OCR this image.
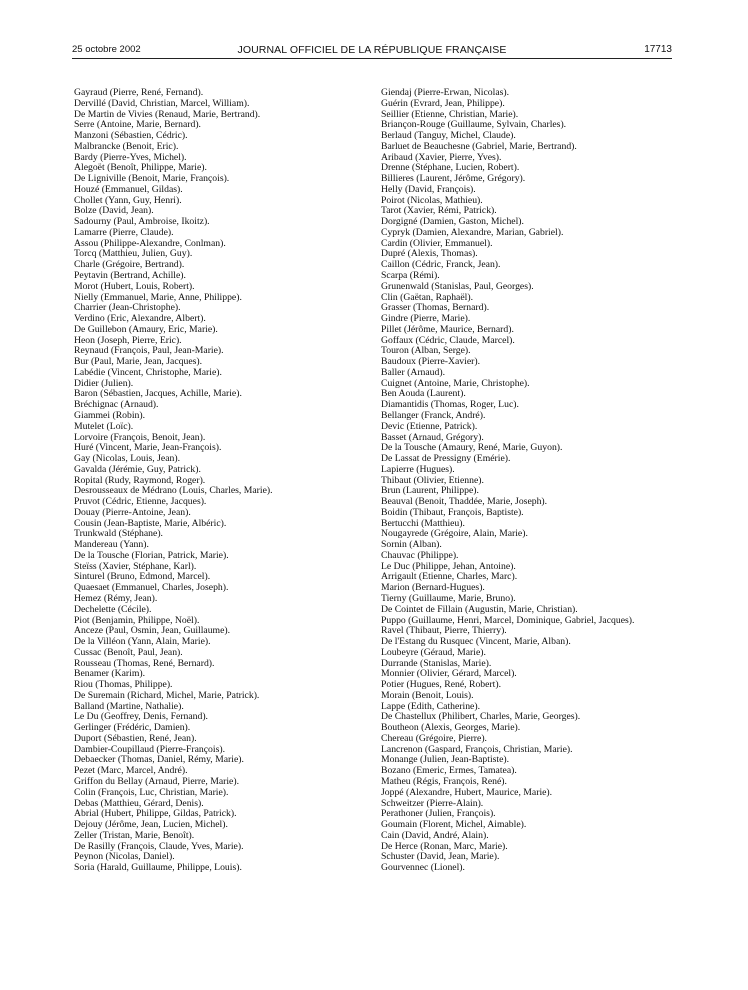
25 octobre 2002	JOURNAL OFFICIEL DE LA RÉPUBLIQUE FRANÇAISE	17713
Gayraud (Pierre, René, Fernand).
Dervillé (David, Christian, Marcel, William).
De Martin de Vivies (Renaud, Marie, Bertrand).
Serre (Antoine, Marie, Bernard).
Manzoni (Sébastien, Cédric).
Malbrancke (Benoit, Eric).
Bardy (Pierre-Yves, Michel).
Alegoët (Benoît, Philippe, Marie).
De Ligniville (Benoit, Marie, François).
Houzé (Emmanuel, Gildas).
Chollet (Yann, Guy, Henri).
Bolze (David, Jean).
Sadourny (Paul, Ambroise, Ikoitz).
Lamarre (Pierre, Claude).
Assou (Philippe-Alexandre, Conlman).
Torcq (Matthieu, Julien, Guy).
Charle (Grégoire, Bertrand).
Peytavin (Bertrand, Achille).
Morot (Hubert, Louis, Robert).
Nielly (Emmanuel, Marie, Anne, Philippe).
Charrier (Jean-Christophe).
Verdino (Eric, Alexandre, Albert).
De Guillebon (Amaury, Eric, Marie).
Heon (Joseph, Pierre, Eric).
Reynaud (François, Paul, Jean-Marie).
Bur (Paul, Marie, Jean, Jacques).
Labédie (Vincent, Christophe, Marie).
Didier (Julien).
Baron (Sébastien, Jacques, Achille, Marie).
Bréchignac (Arnaud).
Giammei (Robin).
Mutelet (Loïc).
Lorvoire (François, Benoit, Jean).
Huré (Vincent, Marie, Jean-François).
Gay (Nicolas, Louis, Jean).
Gavalda (Jérémie, Guy, Patrick).
Ropital (Rudy, Raymond, Roger).
Desrousseaux de Médrano (Louis, Charles, Marie).
Pruvot (Cédric, Etienne, Jacques).
Douay (Pierre-Antoine, Jean).
Cousin (Jean-Baptiste, Marie, Albéric).
Trunkwald (Stéphane).
Mandereau (Yann).
De la Tousche (Florian, Patrick, Marie).
Steïss (Xavier, Stéphane, Karl).
Sinturel (Bruno, Edmond, Marcel).
Quaesaet (Emmanuel, Charles, Joseph).
Hemez (Rémy, Jean).
Dechelette (Cécile).
Piot (Benjamin, Philippe, Noël).
Anceze (Paul, Osmin, Jean, Guillaume).
De la Villéon (Yann, Alain, Marie).
Cussac (Benoît, Paul, Jean).
Rousseau (Thomas, René, Bernard).
Benamer (Karim).
Riou (Thomas, Philippe).
De Suremain (Richard, Michel, Marie, Patrick).
Balland (Martine, Nathalie).
Le Du (Geoffrey, Denis, Fernand).
Gerlinger (Frédéric, Damien).
Duport (Sébastien, René, Jean).
Dambier-Coupillaud (Pierre-François).
Debaecker (Thomas, Daniel, Rémy, Marie).
Pezet (Marc, Marcel, André).
Griffon du Bellay (Arnaud, Pierre, Marie).
Colin (François, Luc, Christian, Marie).
Debas (Matthieu, Gérard, Denis).
Abrial (Hubert, Philippe, Gildas, Patrick).
Dejouy (Jérôme, Jean, Lucien, Michel).
Zeller (Tristan, Marie, Benoît).
De Rasilly (François, Claude, Yves, Marie).
Peynon (Nicolas, Daniel).
Soria (Harald, Guillaume, Philippe, Louis).
Giendaj (Pierre-Erwan, Nicolas).
Guérin (Evrard, Jean, Philippe).
Seillier (Etienne, Christian, Marie).
Briançon-Rouge (Guillaume, Sylvain, Charles).
Berlaud (Tanguy, Michel, Claude).
Barluet de Beauchesne (Gabriel, Marie, Bertrand).
Aribaud (Xavier, Pierre, Yves).
Drenne (Stéphane, Lucien, Robert).
Billieres (Laurent, Jérôme, Grégory).
Helly (David, François).
Poirot (Nicolas, Mathieu).
Tarot (Xavier, Rémi, Patrick).
Dorgigné (Damien, Gaston, Michel).
Cypryk (Damien, Alexandre, Marian, Gabriel).
Cardin (Olivier, Emmanuel).
Dupré (Alexis, Thomas).
Caillon (Cédric, Franck, Jean).
Scarpa (Rémi).
Grunenwald (Stanislas, Paul, Georges).
Clin (Gaëtan, Raphaël).
Grasser (Thomas, Bernard).
Gindre (Pierre, Marie).
Pillet (Jérôme, Maurice, Bernard).
Goffaux (Cédric, Claude, Marcel).
Touron (Alban, Serge).
Baudoux (Pierre-Xavier).
Baller (Arnaud).
Cuignet (Antoine, Marie, Christophe).
Ben Aouda (Laurent).
Diamantidis (Thomas, Roger, Luc).
Bellanger (Franck, André).
Devic (Etienne, Patrick).
Basset (Arnaud, Grégory).
De la Tousche (Amaury, René, Marie, Guyon).
De Lassat de Pressigny (Emérie).
Lapierre (Hugues).
Thibaut (Olivier, Etienne).
Brun (Laurent, Philippe).
Beauval (Benoit, Thaddée, Marie, Joseph).
Boidin (Thibaut, François, Baptiste).
Bertucchi (Matthieu).
Nougayrede (Grégoire, Alain, Marie).
Sornin (Alban).
Chauvac (Philippe).
Le Duc (Philippe, Jehan, Antoine).
Arrigault (Etienne, Charles, Marc).
Marion (Bernard-Hugues).
Tierny (Guillaume, Marie, Bruno).
De Cointet de Fillain (Augustin, Marie, Christian).
Puppo (Guillaume, Henri, Marcel, Dominique, Gabriel, Jacques).
Ravel (Thibaut, Pierre, Thierry).
De l'Estang du Rusquec (Vincent, Marie, Alban).
Loubeyre (Géraud, Marie).
Durrande (Stanislas, Marie).
Monnier (Olivier, Gérard, Marcel).
Potier (Hugues, René, Robert).
Morain (Benoit, Louis).
Lappe (Edith, Catherine).
De Chastellux (Philibert, Charles, Marie, Georges).
Boutheon (Alexis, Georges, Marie).
Chereau (Grégoire, Pierre).
Lancrenon (Gaspard, François, Christian, Marie).
Monange (Julien, Jean-Baptiste).
Bozano (Emeric, Ermes, Tamatea).
Matheu (Régis, François, René).
Joppé (Alexandre, Hubert, Maurice, Marie).
Schweitzer (Pierre-Alain).
Perathoner (Julien, François).
Goumain (Florent, Michel, Aimable).
Cain (David, André, Alain).
De Herce (Ronan, Marc, Marie).
Schuster (David, Jean, Marie).
Gourvennec (Lionel).
